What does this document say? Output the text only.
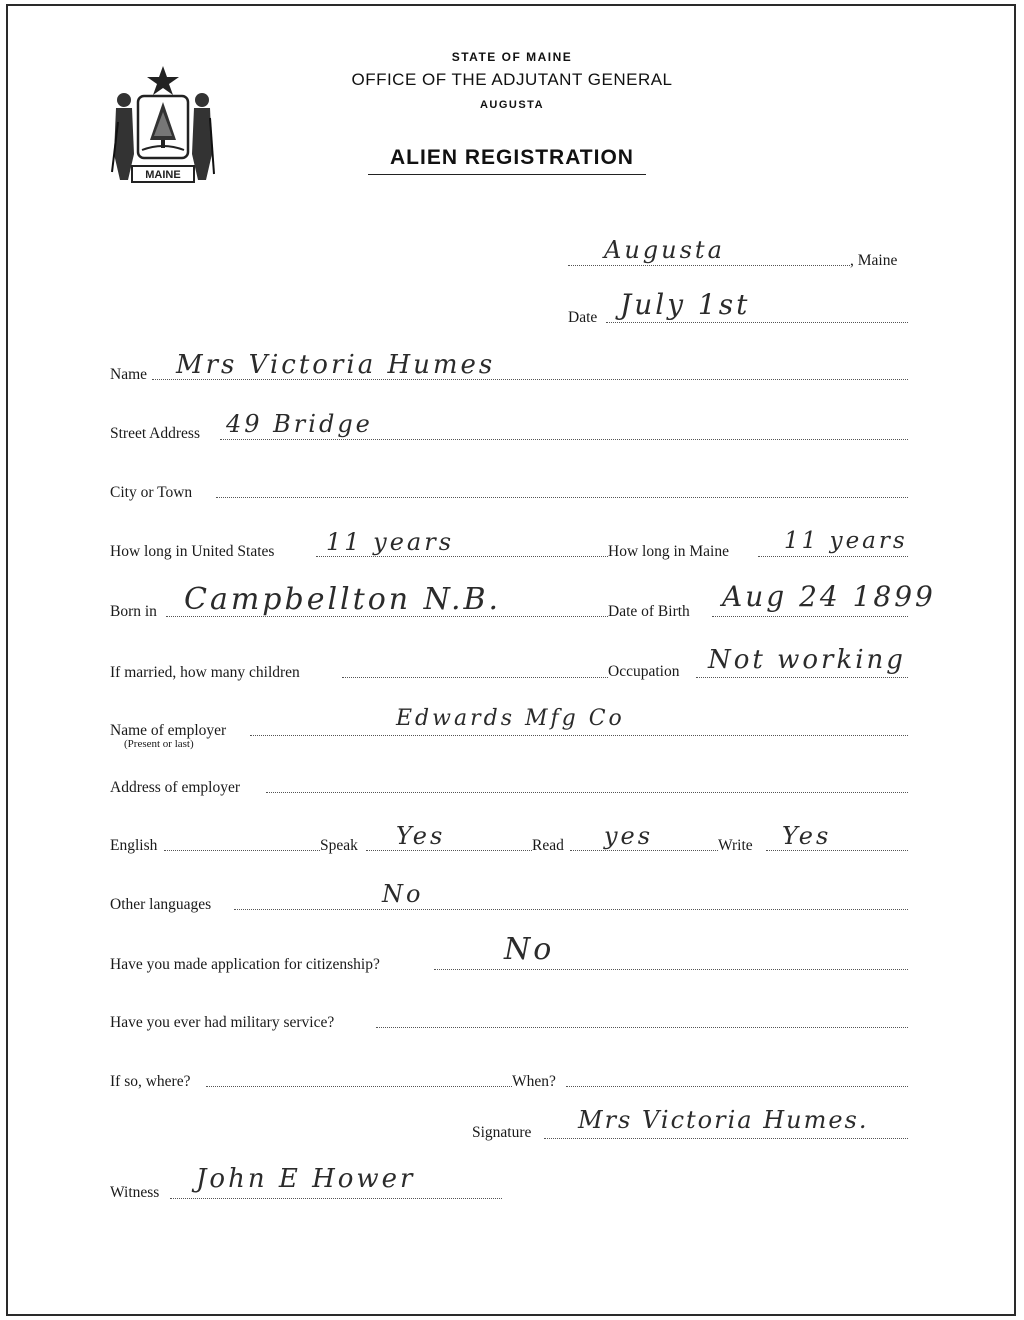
MAINE
STATE OF MAINE
OFFICE OF THE ADJUTANT GENERAL
AUGUSTA
ALIEN REGISTRATION
Augusta	, Maine
Date July 1st
Name Mrs Victoria Humes
Street Address 49 Bridge
City or Town
How long in United States 11 years	How long in Maine 11 years
Born in Campbellton N.B.	Date of Birth Aug 24 1899
If married, how many children	Occupation Not working
Name of employer
(Present or last)
Edwards Mfg Co
Address of employer
English	Speak Yes	Read yes	Write Yes
Other languages	No
Have you made application for citizenship?	No
Have you ever had military service?
If so, where?	When?
Signature Mrs Victoria Humes.
Witness John E Hower
